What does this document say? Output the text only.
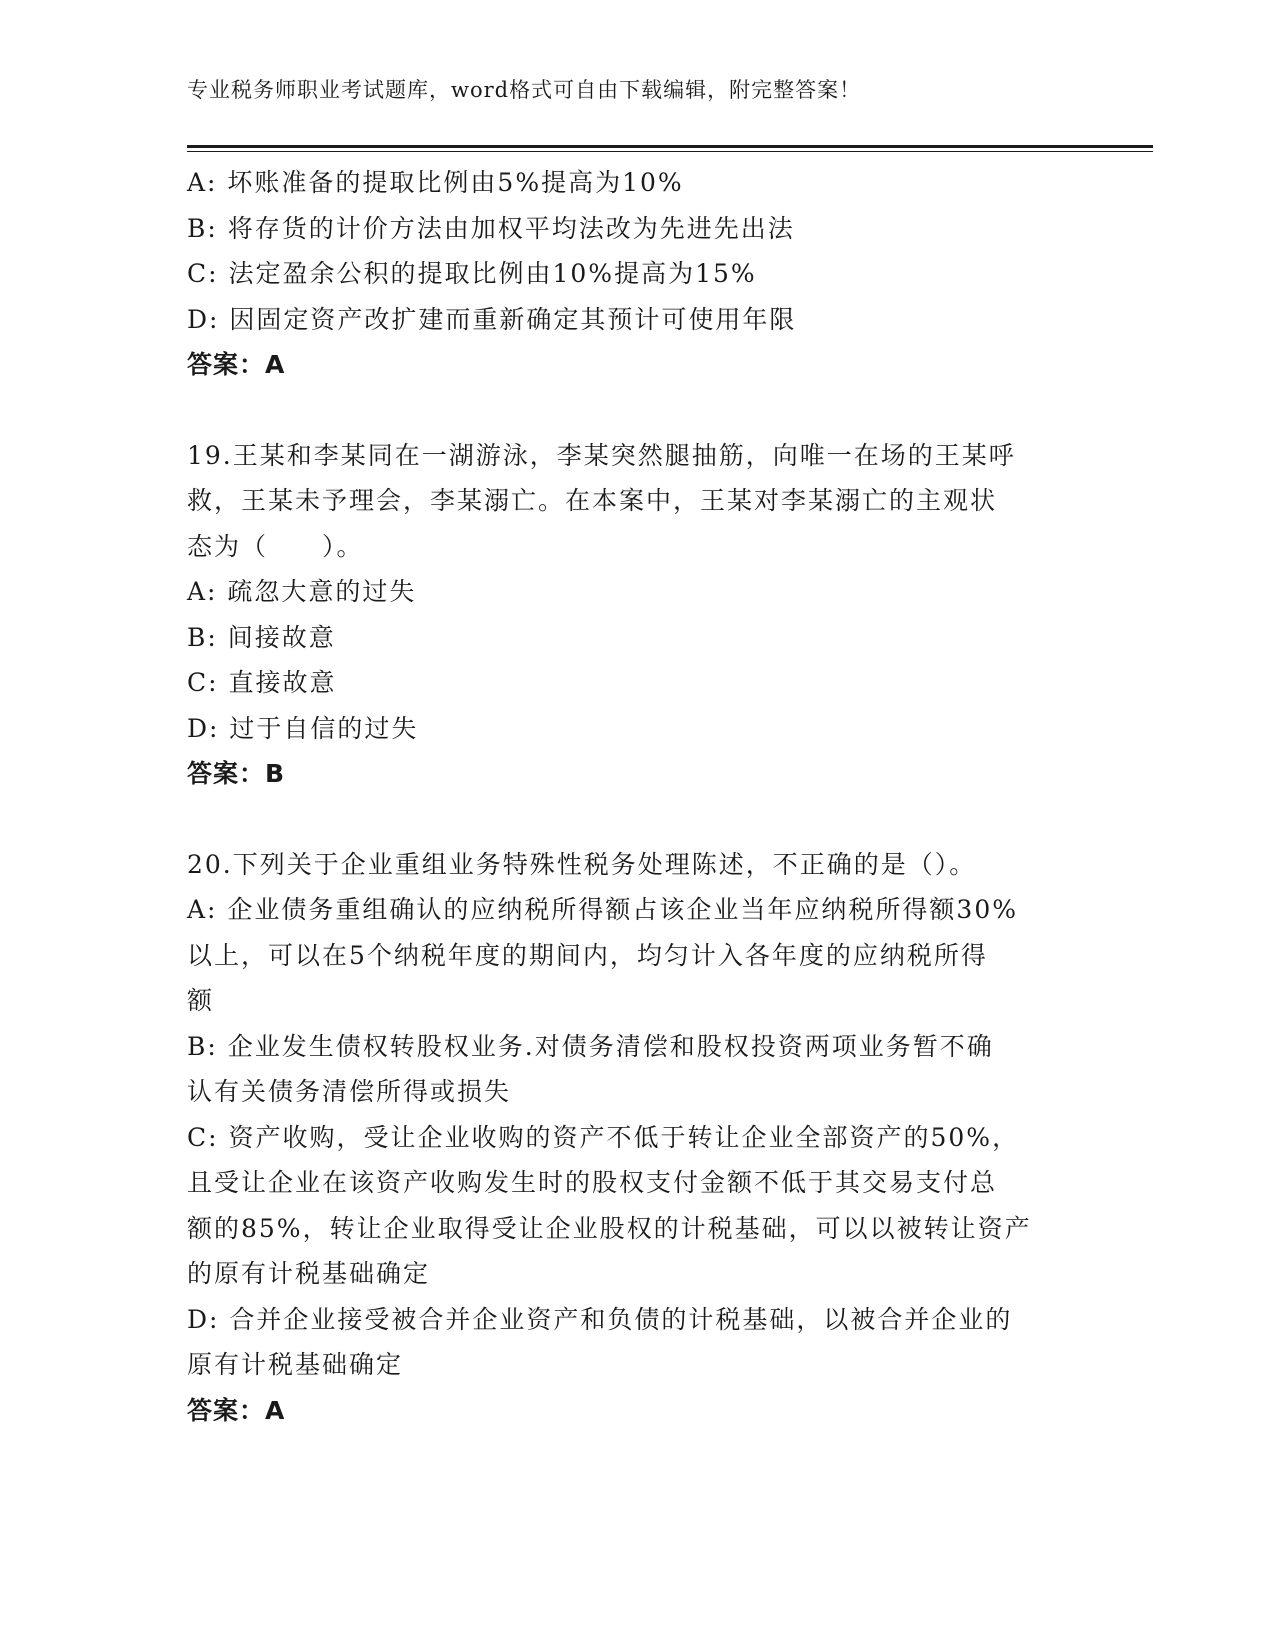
专业税务师职业考试题库，word格式可自由下载编辑，附完整答案！
A: 坏账准备的提取比例由5%提高为10%
B: 将存货的计价方法由加权平均法改为先进先出法
C: 法定盈余公积的提取比例由10%提高为15%
D: 因固定资产改扩建而重新确定其预计可使用年限
答案：A
19.王某和李某同在一湖游泳，李某突然腿抽筋，向唯一在场的王某呼
救，王某未予理会，李某溺亡。在本案中，王某对李某溺亡的主观状
态为（　　）。
A: 疏忽大意的过失
B: 间接故意
C: 直接故意
D: 过于自信的过失
答案：B
20.下列关于企业重组业务特殊性税务处理陈述，不正确的是（）。
A: 企业债务重组确认的应纳税所得额占该企业当年应纳税所得额30%
以上，可以在5个纳税年度的期间内，均匀计入各年度的应纳税所得
额
B: 企业发生债权转股权业务.对债务清偿和股权投资两项业务暂不确
认有关债务清偿所得或损失
C: 资产收购，受让企业收购的资产不低于转让企业全部资产的50%，
且受让企业在该资产收购发生时的股权支付金额不低于其交易支付总
额的85%，转让企业取得受让企业股权的计税基础，可以以被转让资产
的原有计税基础确定
D: 合并企业接受被合并企业资产和负债的计税基础，以被合并企业的
原有计税基础确定
答案：A
